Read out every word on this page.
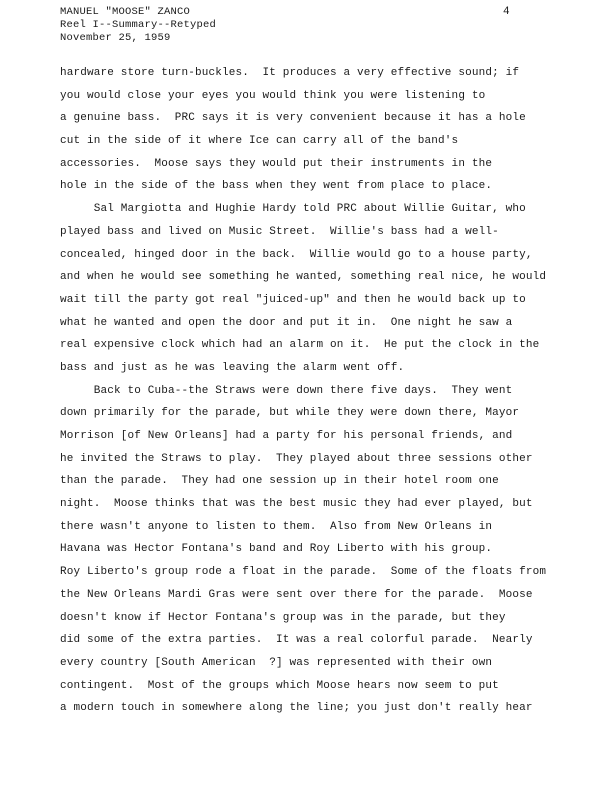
MANUEL "MOOSE" ZANCO
Reel I--Summary--Retyped
November 25, 1959
4
hardware store turn-buckles.  It produces a very effective sound; if
you would close your eyes you would think you were listening to
a genuine bass.  PRC says it is very convenient because it has a hole
cut in the side of it where Ice can carry all of the band's
accessories.  Moose says they would put their instruments in the
hole in the side of the bass when they went from place to place.
Sal Margiotta and Hughie Hardy told PRC about Willie Guitar, who
played bass and lived on Music Street.  Willie's bass had a well-
concealed, hinged door in the back.  Willie would go to a house party,
and when he would see something he wanted, something real nice, he would
wait till the party got real "juiced-up" and then he would back up to
what he wanted and open the door and put it in.  One night he saw a
real expensive clock which had an alarm on it.  He put the clock in the
bass and just as he was leaving the alarm went off.
Back to Cuba--the Straws were down there five days.  They went
down primarily for the parade, but while they were down there, Mayor
Morrison [of New Orleans] had a party for his personal friends, and
he invited the Straws to play.  They played about three sessions other
than the parade.  They had one session up in their hotel room one
night.  Moose thinks that was the best music they had ever played, but
there wasn't anyone to listen to them.  Also from New Orleans in
Havana was Hector Fontana's band and Roy Liberto with his group.
Roy Liberto's group rode a float in the parade.  Some of the floats from
the New Orleans Mardi Gras were sent over there for the parade.  Moose
doesn't know if Hector Fontana's group was in the parade, but they
did some of the extra parties.  It was a real colorful parade.  Nearly
every country [South American  ?] was represented with their own
contingent.  Most of the groups which Moose hears now seem to put
a modern touch in somewhere along the line; you just don't really hear
